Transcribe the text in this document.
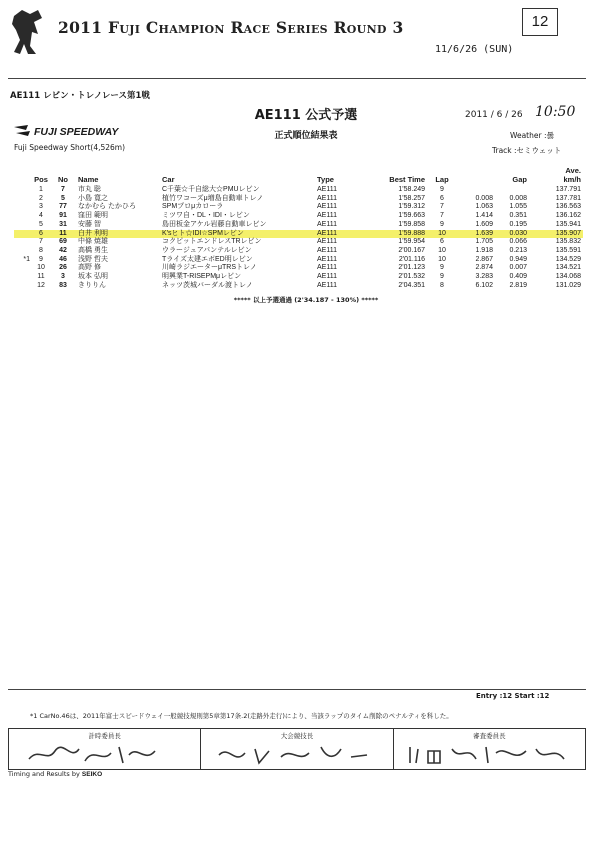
2011 Fuji Champion Race Series Round 3	12
11/6/26 (SUN)
AE111 レビン・トレノレース第1戦
AE111 公式予選	2011 / 6 / 26 10:50
FUJI SPEEDWAY	正式順位結果表	Weather :曇
Fuji Speedway Short(4,526m)	Track :セミウェット
	Pos	No	Name	Car	Type	Best Time	Lap	Gap		Ave.
km/h

	1	7	市丸 聡	C千葉☆千自総大☆PMUレビン	AE111	1'58.249	9			137.791
	2	5	小島 寛之	植竹ワコーズμ増島自動車トレノ	AE111	1'58.257	6	0.008	0.008	137.781
	3	77	なかむら たかひろ	SPMプロμカローラ	AE111	1'59.312	7	1.063	1.055	136.563
	4	91	窪田 範明	ミツワ自・DL・IDI・レビン	AE111	1'59.663	7	1.414	0.351	136.162
	5	31	安藤 智	島田板金アケル岩藤自動車レビン	AE111	1'59.858	9	1.609	0.195	135.941
	6	11	白井 利明	K'sヒト☆IDI☆SPMレビン	AE111	1'59.888	10	1.639	0.030	135.907
	7	69	中條 焼雄	コクピットエンドレスTRレビン	AE111	1'59.954	6	1.705	0.066	135.832
	8	42	高橋 勇生	ウラージュアパンテルレビン	AE111	2'00.167	10	1.918	0.213	135.591
*1	9	46	浅野 哲夫	Tライズ太建エボED明レビン	AE111	2'01.116	10	2.867	0.949	134.529
	10	26	高野 修	川崎ラジエーターμTRSトレノ	AE111	2'01.123	9	2.874	0.007	134.521
	11	3	坂本 弘明	明興業T-RISEPMμレビン	AE111	2'01.532	9	3.283	0.409	134.068
	12	83	きりりん	ネッツ茨城バーダル渡トレノ	AE111	2'04.351	8	6.102	2.819	131.029
***** 以上予選通過 (2'34.187 - 130%) *****
Entry :12 Start :12
*1 CarNo.46は、2011年富士スピードウェイ一般競技規則第5章第17条.2(走路外走行)により、当該ラップのタイム削除のペナルティを科した。
計時委員長	大会競技長	審査委員長
Timing and Results by SEIKO
